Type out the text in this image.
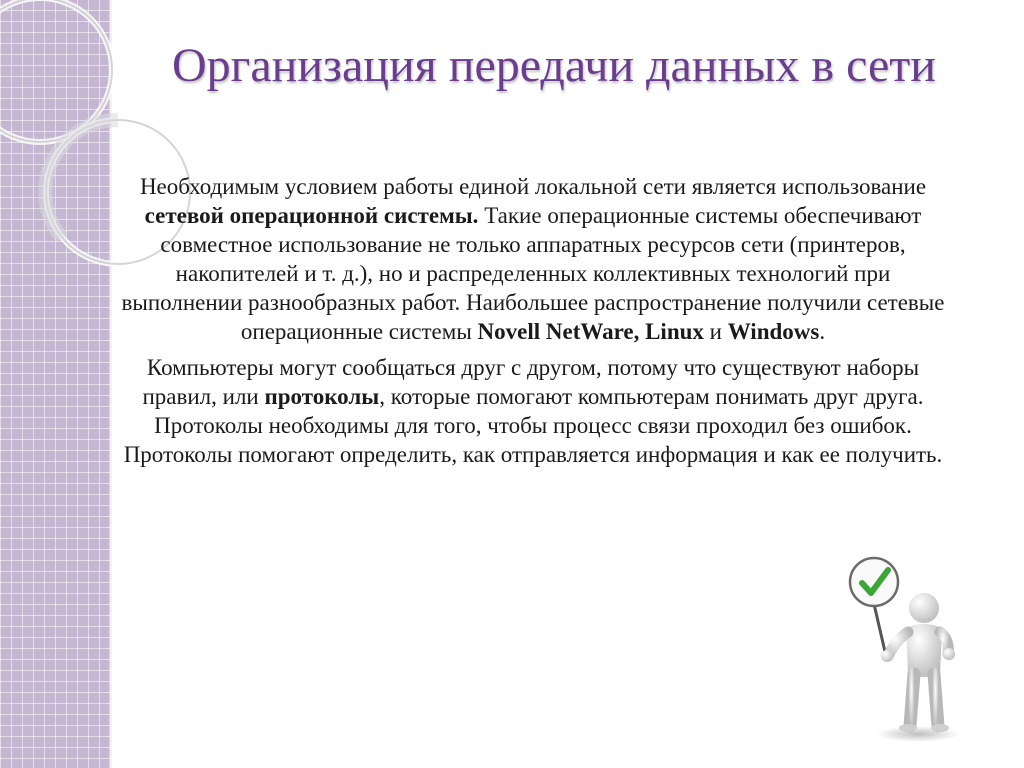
Организация передачи данных в сети

Необходимым условием работы единой локальной сети является использование сетевой операционной системы. Такие операционные системы обеспечивают совместное использование не только аппаратных ресурсов сети (принтеров, накопителей и т. д.), но и распределенных коллективных технологий при выполнении разнообразных работ. Наибольшее распространение получили сетевые операционные системы Novell NetWare, Linux и Windows.

Компьютеры могут сообщаться друг с другом, потому что существуют наборы правил, или протоколы, которые помогают компьютерам понимать друг друга. Протоколы необходимы для того, чтобы процесс связи проходил без ошибок. Протоколы помогают определить, как отправляется информация и как ее получить.
